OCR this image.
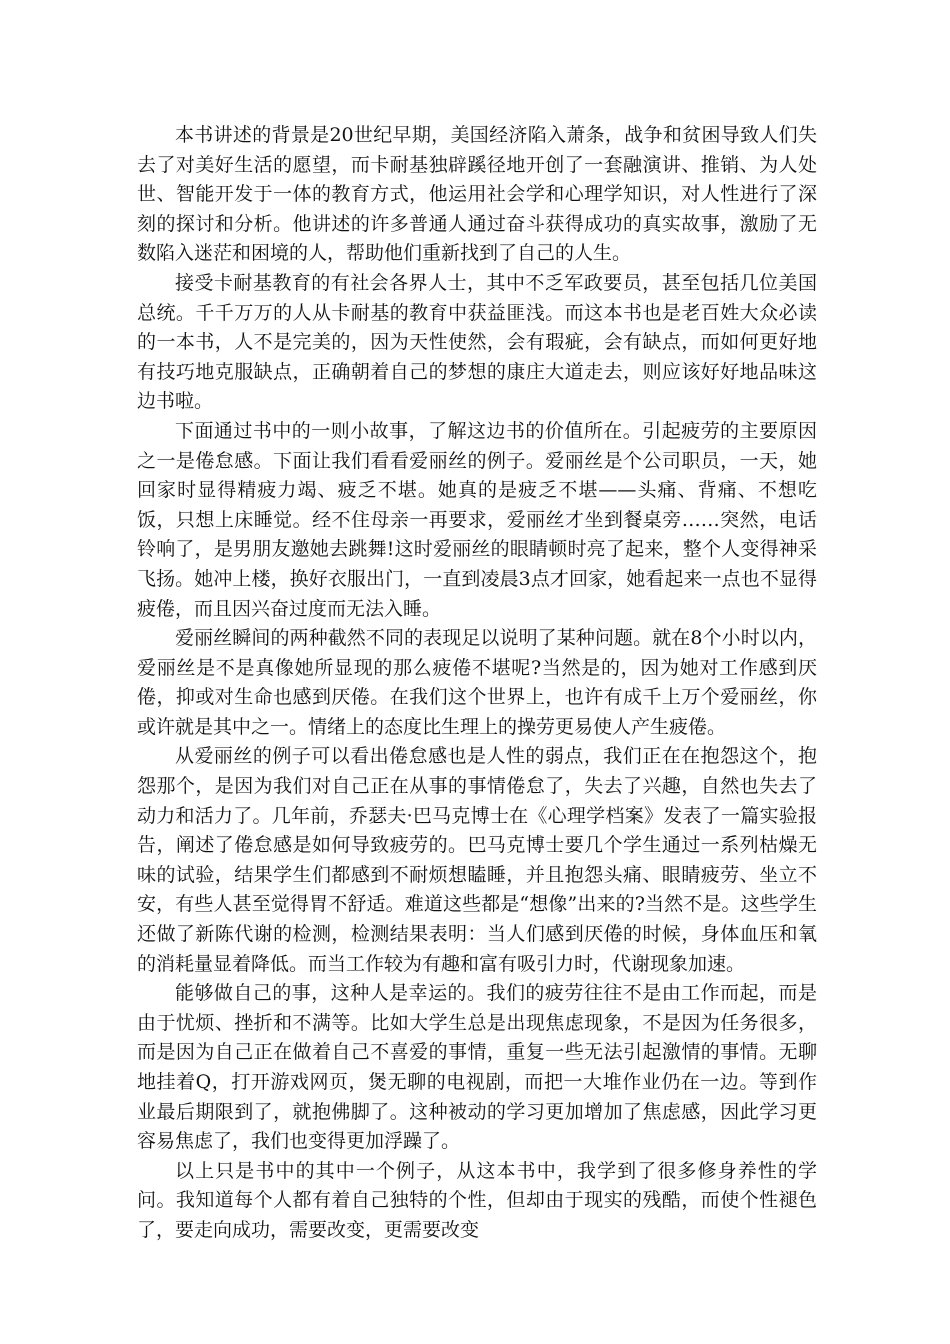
本书讲述的背景是20世纪早期，美国经济陷入萧条，战争和贫困导致人们失去了对美好生活的愿望，而卡耐基独辟蹊径地开创了一套融演讲、推销、为人处世、智能开发于一体的教育方式，他运用社会学和心理学知识，对人性进行了深刻的探讨和分析。他讲述的许多普通人通过奋斗获得成功的真实故事，激励了无数陷入迷茫和困境的人，帮助他们重新找到了自己的人生。

接受卡耐基教育的有社会各界人士，其中不乏军政要员，甚至包括几位美国总统。千千万万的人从卡耐基的教育中获益匪浅。而这本书也是老百姓大众必读的一本书，人不是完美的，因为天性使然，会有瑕疵，会有缺点，而如何更好地有技巧地克服缺点，正确朝着自己的梦想的康庄大道走去，则应该好好地品味这边书啦。

下面通过书中的一则小故事，了解这边书的价值所在。引起疲劳的主要原因之一是倦怠感。下面让我们看看爱丽丝的例子。爱丽丝是个公司职员，一天，她回家时显得精疲力竭、疲乏不堪。她真的是疲乏不堪——头痛、背痛、不想吃饭，只想上床睡觉。经不住母亲一再要求，爱丽丝才坐到餐桌旁……突然，电话铃响了，是男朋友邀她去跳舞!这时爱丽丝的眼睛顿时亮了起来，整个人变得神采飞扬。她冲上楼，换好衣服出门，一直到凌晨3点才回家，她看起来一点也不显得疲倦，而且因兴奋过度而无法入睡。

爱丽丝瞬间的两种截然不同的表现足以说明了某种问题。就在8个小时以内，爱丽丝是不是真像她所显现的那么疲倦不堪呢?当然是的，因为她对工作感到厌倦，抑或对生命也感到厌倦。在我们这个世界上，也许有成千上万个爱丽丝，你或许就是其中之一。情绪上的态度比生理上的操劳更易使人产生疲倦。

从爱丽丝的例子可以看出倦怠感也是人性的弱点，我们正在在抱怨这个，抱怨那个，是因为我们对自己正在从事的事情倦怠了，失去了兴趣，自然也失去了动力和活力了。几年前，乔瑟夫·巴马克博士在《心理学档案》发表了一篇实验报告，阐述了倦怠感是如何导致疲劳的。巴马克博士要几个学生通过一系列枯燥无味的试验，结果学生们都感到不耐烦想瞌睡，并且抱怨头痛、眼睛疲劳、坐立不安，有些人甚至觉得胃不舒适。难道这些都是“想像”出来的?当然不是。这些学生还做了新陈代谢的检测，检测结果表明：当人们感到厌倦的时候，身体血压和氧的消耗量显着降低。而当工作较为有趣和富有吸引力时，代谢现象加速。

能够做自己的事，这种人是幸运的。我们的疲劳往往不是由工作而起，而是由于忧烦、挫折和不满等。比如大学生总是出现焦虑现象，不是因为任务很多，而是因为自己正在做着自己不喜爱的事情，重复一些无法引起激情的事情。无聊地挂着Q，打开游戏网页，煲无聊的电视剧，而把一大堆作业仍在一边。等到作业最后期限到了，就抱佛脚了。这种被动的学习更加增加了焦虑感，因此学习更容易焦虑了，我们也变得更加浮躁了。

以上只是书中的其中一个例子，从这本书中，我学到了很多修身养性的学问。我知道每个人都有着自己独特的个性，但却由于现实的残酷，而使个性褪色了，要走向成功，需要改变，更需要改变
